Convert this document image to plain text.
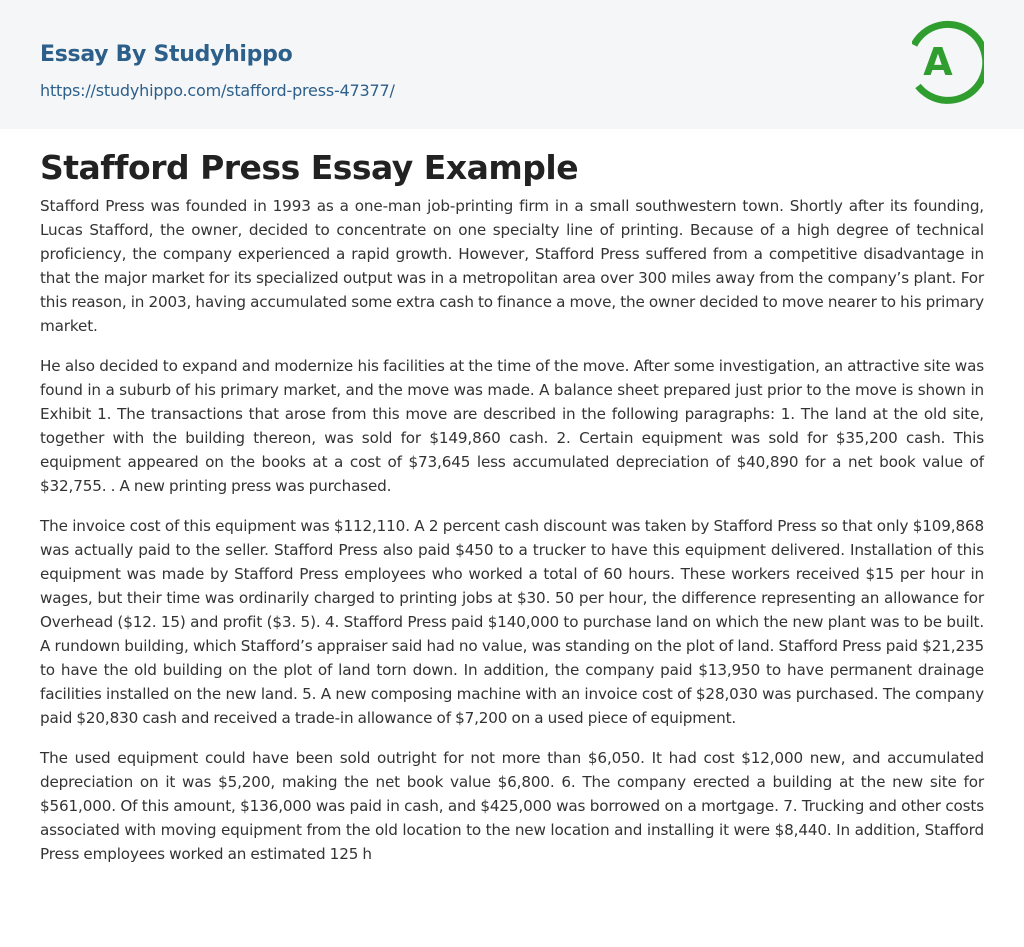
Essay By Studyhippo
https://studyhippo.com/stafford-press-47377/
A
Stafford Press Essay Example

Stafford Press was founded in 1993 as a one-man job-printing firm in a small southwestern town. Shortly after its founding, Lucas Stafford, the owner, decided to concentrate on one specialty line of printing. Because of a high degree of technical proficiency, the company experienced a rapid growth. However, Stafford Press suffered from a competitive disadvantage in that the major market for its specialized output was in a metropolitan area over 300 miles away from the company’s plant. For this reason, in 2003, having accumulated some extra cash to finance a move, the owner decided to move nearer to his primary market.

He also decided to expand and modernize his facilities at the time of the move. After some investigation, an attractive site was found in a suburb of his primary market, and the move was made. A balance sheet prepared just prior to the move is shown in Exhibit 1. The transactions that arose from this move are described in the following paragraphs: 1. The land at the old site, together with the building thereon, was sold for $149,860 cash. 2. Certain equipment was sold for $35,200 cash. This equipment appeared on the books at a cost of $73,645 less accumulated depreciation of $40,890 for a net book value of $32,755. . A new printing press was purchased.

The invoice cost of this equipment was $112,110. A 2 percent cash discount was taken by Stafford Press so that only $109,868 was actually paid to the seller. Stafford Press also paid $450 to a trucker to have this equipment delivered. Installation of this equipment was made by Stafford Press employees who worked a total of 60 hours. These workers received $15 per hour in wages, but their time was ordinarily charged to printing jobs at $30. 50 per hour, the difference representing an allowance for Overhead ($12. 15) and profit ($3. 5). 4. Stafford Press paid $140,000 to purchase land on which the new plant was to be built. A rundown building, which Stafford’s appraiser said had no value, was standing on the plot of land. Stafford Press paid $21,235 to have the old building on the plot of land torn down. In addition, the company paid $13,950 to have permanent drainage facilities installed on the new land. 5. A new composing machine with an invoice cost of $28,030 was purchased. The company paid $20,830 cash and received a trade-in allowance of $7,200 on a used piece of equipment.

The used equipment could have been sold outright for not more than $6,050. It had cost $12,000 new, and accumulated depreciation on it was $5,200, making the net book value $6,800. 6. The company erected a building at the new site for $561,000. Of this amount, $136,000 was paid in cash, and $425,000 was borrowed on a mortgage. 7. Trucking and other costs associated with moving equipment from the old location to the new location and installing it were $8,440. In addition, Stafford Press employees worked an estimated 125 h
